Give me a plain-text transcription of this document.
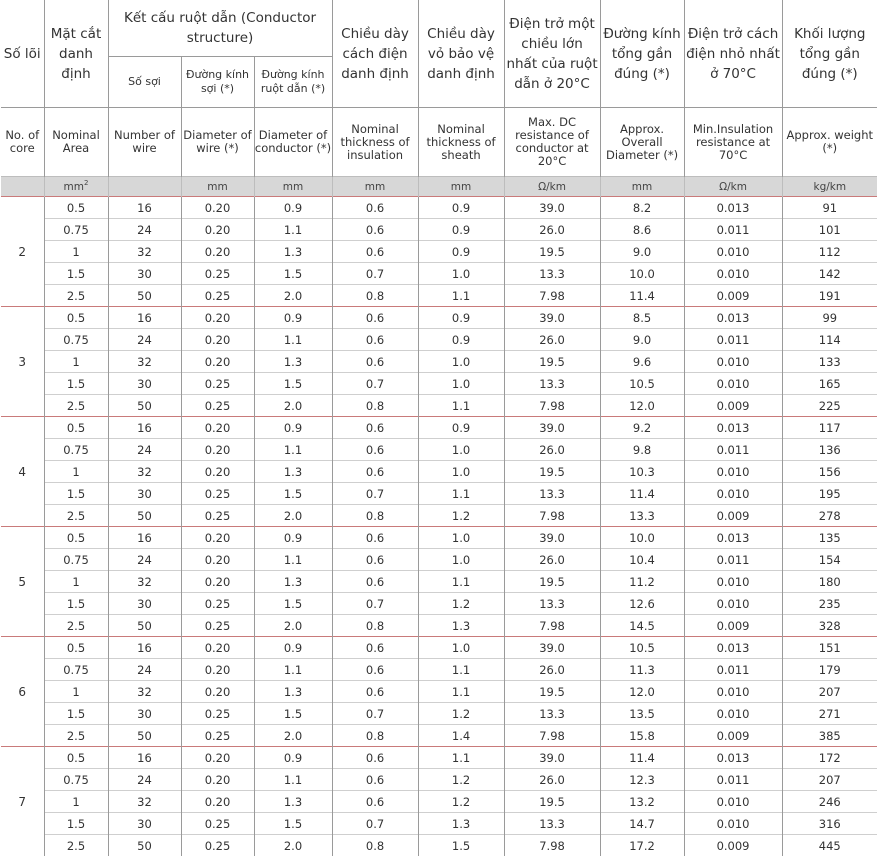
Số lõi	Mặt cắt danh định	Kết cấu ruột dẫn (Conductor structure)			Chiều dày cách điện danh định	Chiều dày vỏ bảo vệ danh định	Điện trở một chiều lớn nhất của ruột dẫn ở 20°C	Đường kính tổng gần đúng (*)	Điện trở cách điện nhỏ nhất ở 70°C	Khối lượng tổng gần đúng (*)
		Số sợi	Đường kính sợi (*)	Đường kính ruột dẫn (*)						
No. of core	Nominal Area	Number of wire	Diameter of wire (*)	Diameter of conductor (*)	Nominal thickness of insulation	Nominal thickness of sheath	Max. DC resistance of conductor at 20°C	Approx. Overall Diameter (*)	Min.Insulation resistance at 70°C	Approx. weight (*)
	$mm^2$		mm	mm	mm	mm	Ω/km	mm	Ω/km	kg/km
2	0.5	16	0.20	0.9	0.6	0.9	39.0	8.2	0.013	91
	0.75	24	0.20	1.1	0.6	0.9	26.0	8.6	0.011	101
	1	32	0.20	1.3	0.6	0.9	19.5	9.0	0.010	112
	1.5	30	0.25	1.5	0.7	1.0	13.3	10.0	0.010	142
	2.5	50	0.25	2.0	0.8	1.1	7.98	11.4	0.009	191
3	0.5	16	0.20	0.9	0.6	0.9	39.0	8.5	0.013	99
	0.75	24	0.20	1.1	0.6	0.9	26.0	9.0	0.011	114
	1	32	0.20	1.3	0.6	1.0	19.5	9.6	0.010	133
	1.5	30	0.25	1.5	0.7	1.0	13.3	10.5	0.010	165
	2.5	50	0.25	2.0	0.8	1.1	7.98	12.0	0.009	225
4	0.5	16	0.20	0.9	0.6	0.9	39.0	9.2	0.013	117
	0.75	24	0.20	1.1	0.6	1.0	26.0	9.8	0.011	136
	1	32	0.20	1.3	0.6	1.0	19.5	10.3	0.010	156
	1.5	30	0.25	1.5	0.7	1.1	13.3	11.4	0.010	195
	2.5	50	0.25	2.0	0.8	1.2	7.98	13.3	0.009	278
5	0.5	16	0.20	0.9	0.6	1.0	39.0	10.0	0.013	135
	0.75	24	0.20	1.1	0.6	1.0	26.0	10.4	0.011	154
	1	32	0.20	1.3	0.6	1.1	19.5	11.2	0.010	180
	1.5	30	0.25	1.5	0.7	1.2	13.3	12.6	0.010	235
	2.5	50	0.25	2.0	0.8	1.3	7.98	14.5	0.009	328
6	0.5	16	0.20	0.9	0.6	1.0	39.0	10.5	0.013	151
	0.75	24	0.20	1.1	0.6	1.1	26.0	11.3	0.011	179
	1	32	0.20	1.3	0.6	1.1	19.5	12.0	0.010	207
	1.5	30	0.25	1.5	0.7	1.2	13.3	13.5	0.010	271
	2.5	50	0.25	2.0	0.8	1.4	7.98	15.8	0.009	385
7	0.5	16	0.20	0.9	0.6	1.1	39.0	11.4	0.013	172
	0.75	24	0.20	1.1	0.6	1.2	26.0	12.3	0.011	207
	1	32	0.20	1.3	0.6	1.2	19.5	13.2	0.010	246
	1.5	30	0.25	1.5	0.7	1.3	13.3	14.7	0.010	316
	2.5	50	0.25	2.0	0.8	1.5	7.98	17.2	0.009	445
